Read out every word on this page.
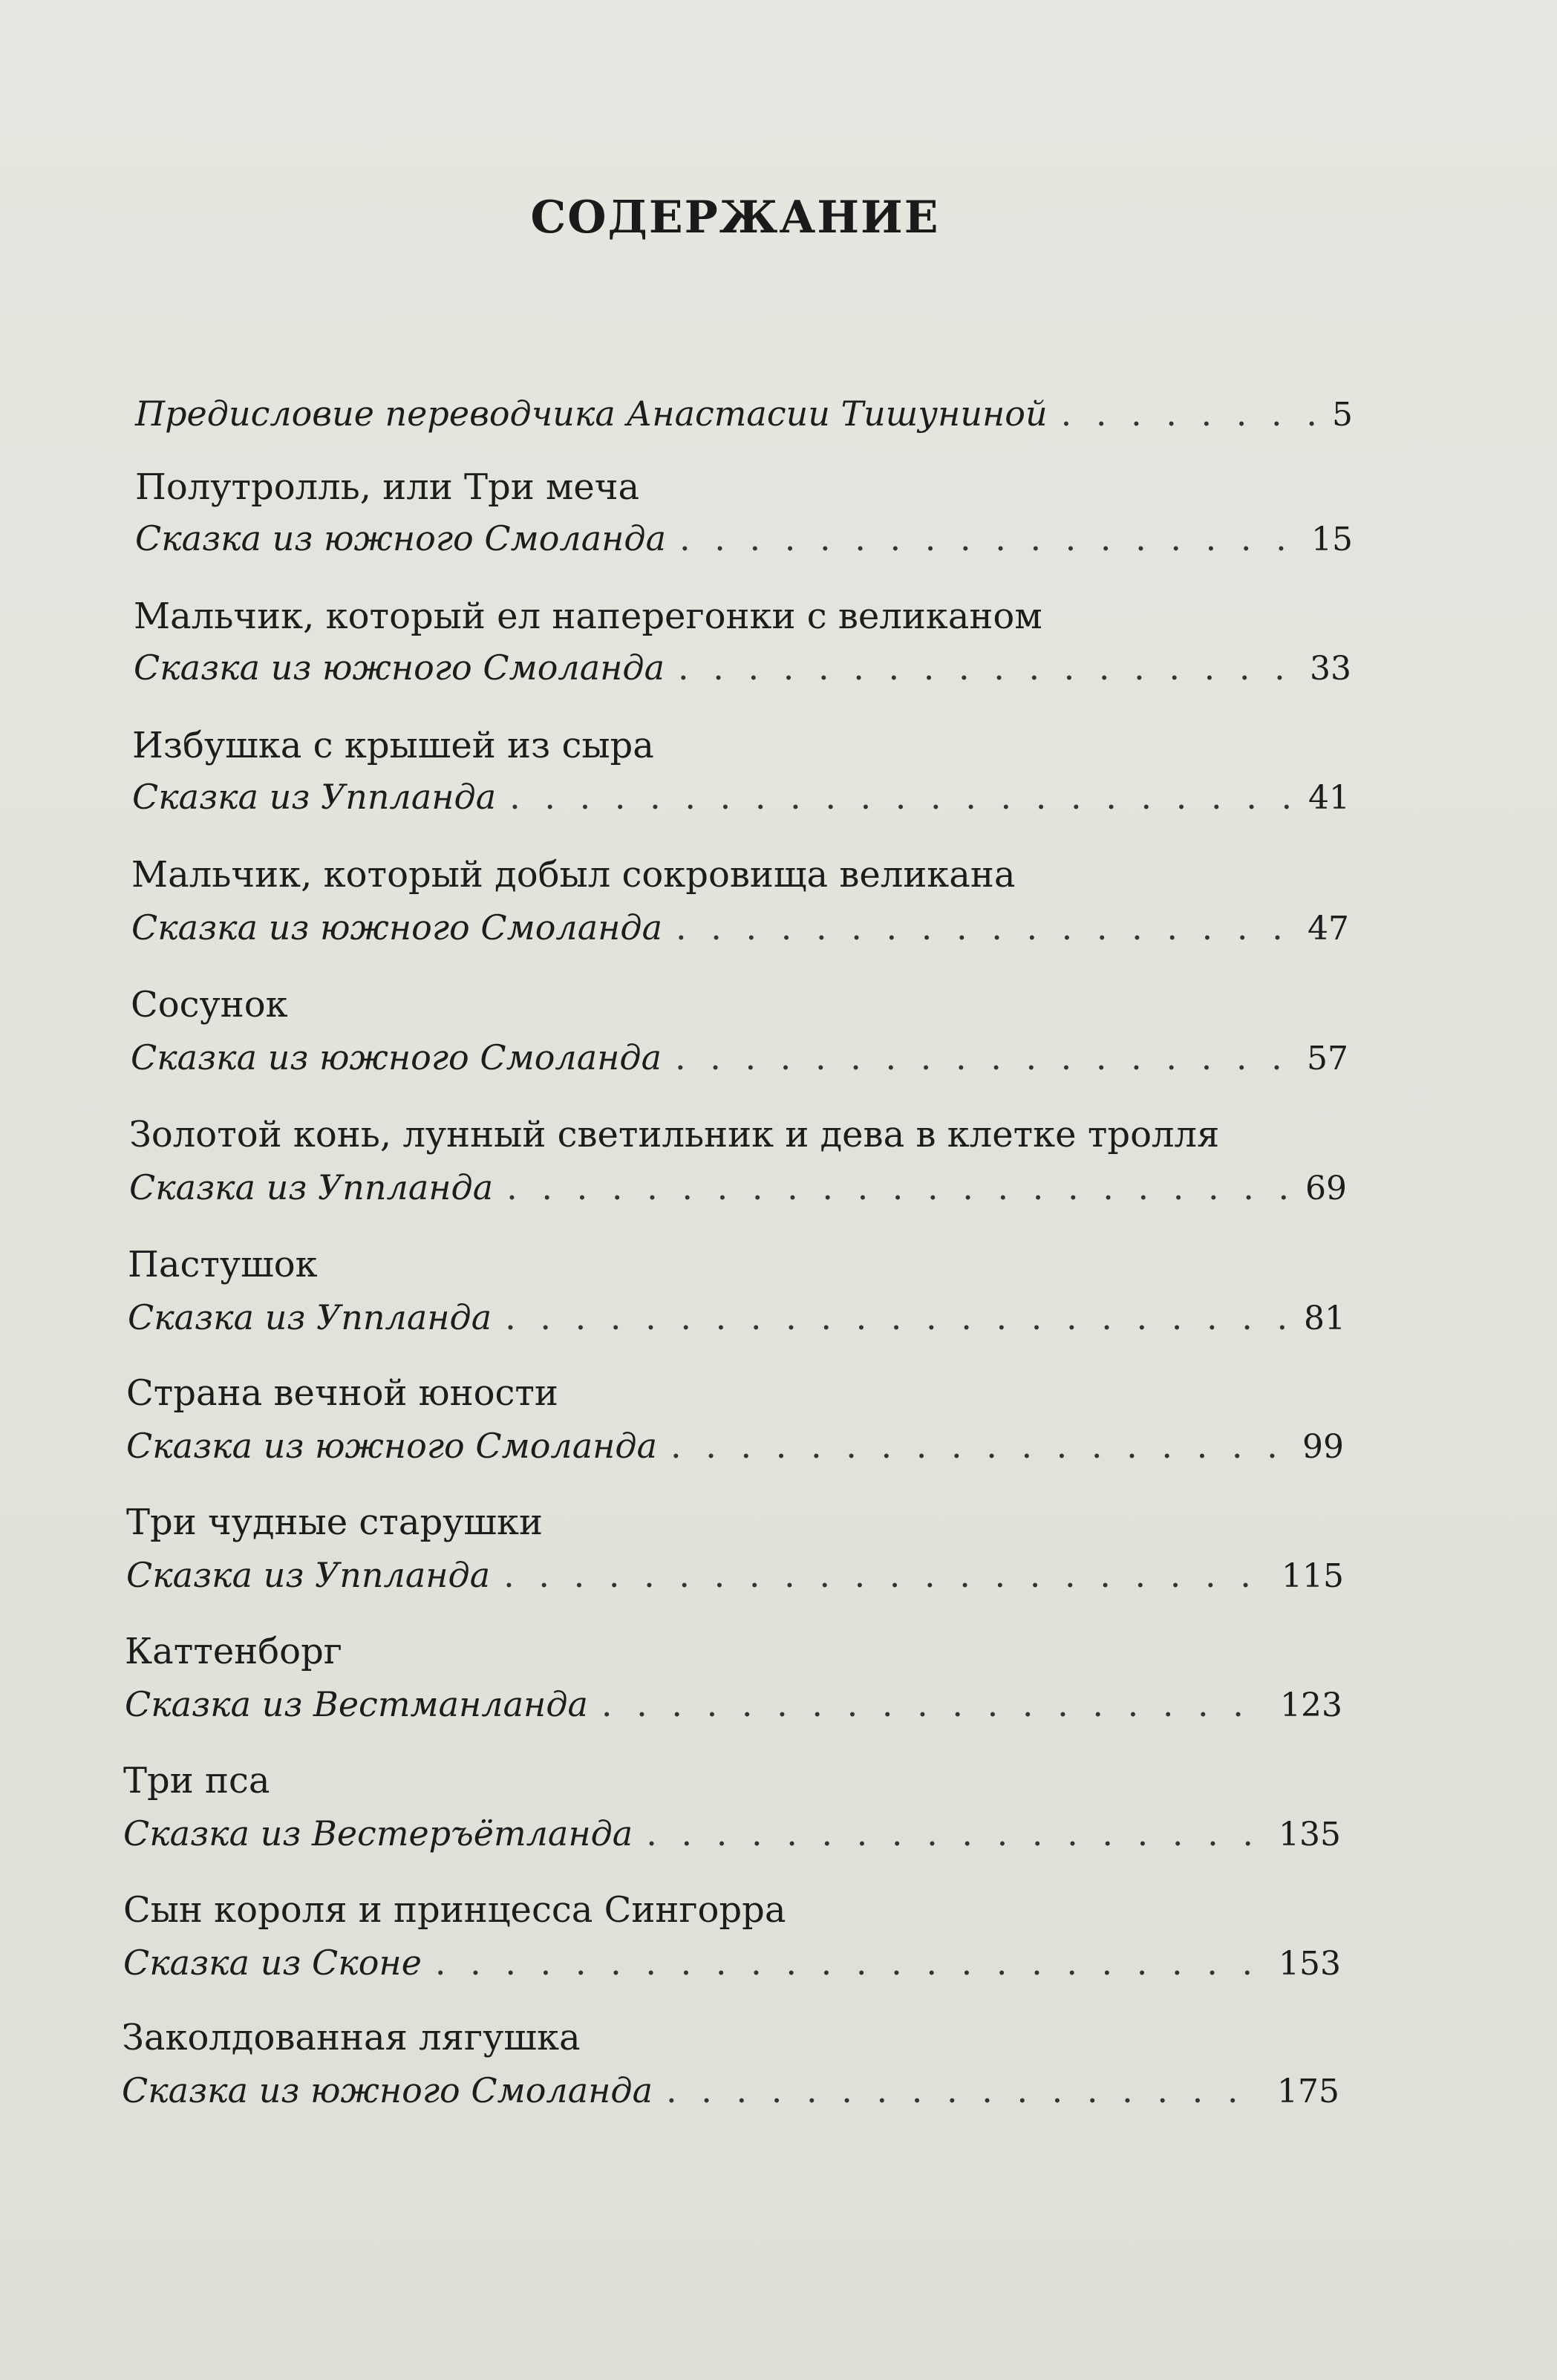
СОДЕРЖАНИЕ
Предисловие переводчика Анастасии Тишуниной . . .	5
Полутролль, или Три меча
Сказка из южного Смоланда . . .	15
Мальчик, который ел наперегонки с великаном
Сказка из южного Смоланда . . .	33
Избушка с крышей из сыра
Сказка из Уппланда . . .	41
Мальчик, который добыл сокровища великана
Сказка из южного Смоланда . . .	47
Сосунок
Сказка из южного Смоланда . . .	57
Золотой конь, лунный светильник и дева в клетке тролля
Сказка из Уппланда . . .	69
Пастушок
Сказка из Уппланда . . .	81
Страна вечной юности
Сказка из южного Смоланда . . .	99
Три чудные старушки
Сказка из Уппланда . . .	115
Каттенборг
Сказка из Вестманланда . . .	123
Три пса
Сказка из Вестеръётланда . . .	135
Сын короля и принцесса Сингорра
Сказка из Сконе . . .	153
Заколдованная лягушка
Сказка из южного Смоланда . . .	175
